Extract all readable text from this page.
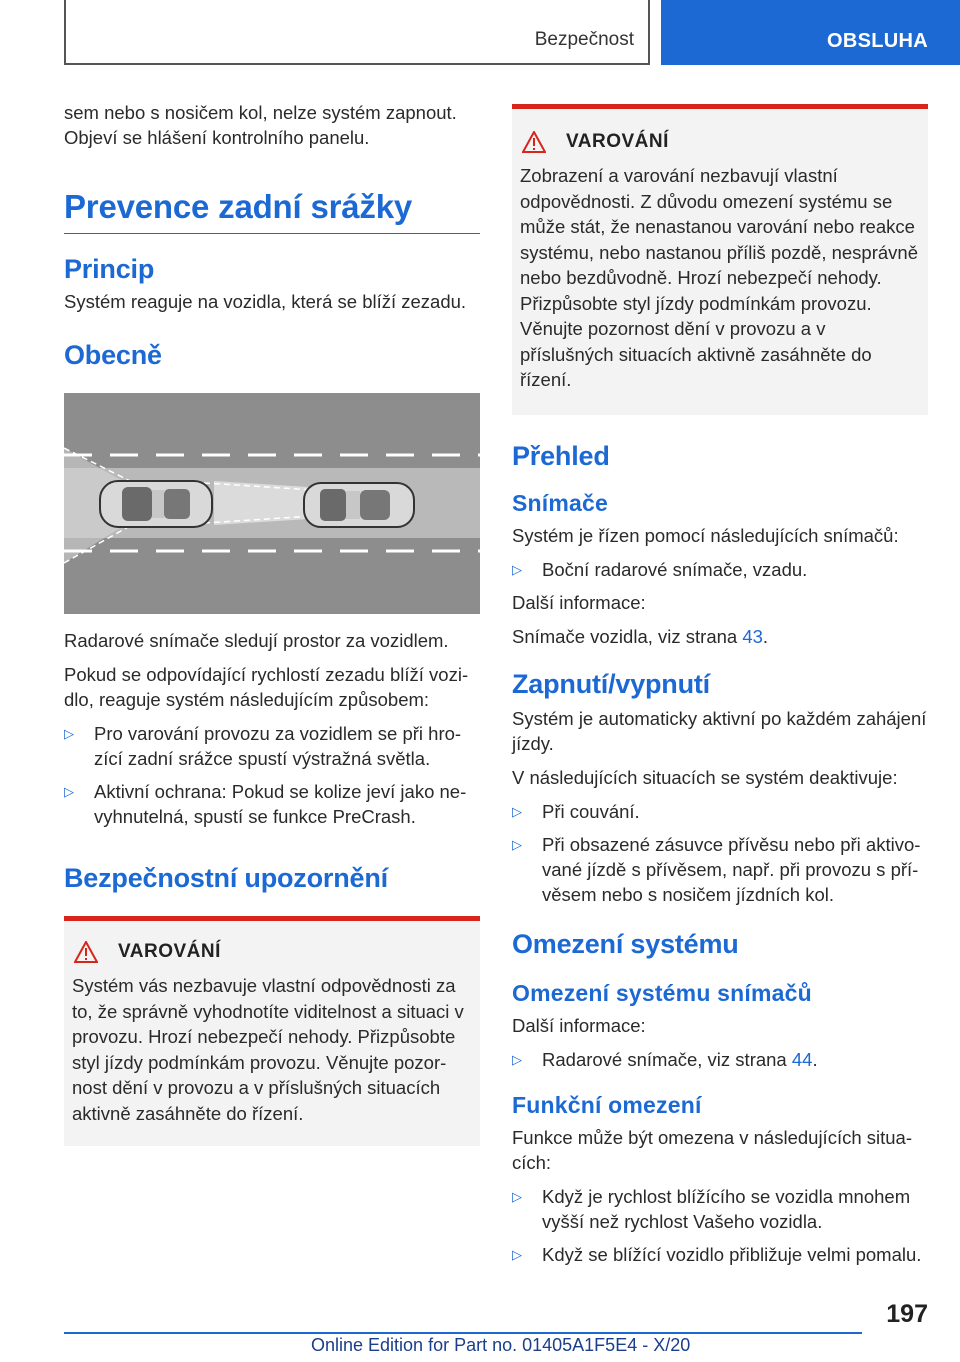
Bezpečnost	OBSLUHA

sem nebo s nosičem kol, nelze systém zapnout. Objeví se hlášení kontrolního panelu.

Prevence zadní srážky
Princip

Systém reaguje na vozidla, která se blíží zezadu.

Obecně

Radarové snímače sledují prostor za vozidlem.

Pokud se odpovídající rychlostí zezadu blíží vozidlo, reaguje systém následujícím způsobem:

▷ Pro varování provozu za vozidlem se při hrozící zadní srážce spustí výstražná světla.
▷ Aktivní ochrana: Pokud se kolize jeví jako nevyhnutelná, spustí se funkce PreCrash.
Bezpečnostní upozornění
VAROVÁNÍ

Systém vás nezbavuje vlastní odpovědnosti za to, že správně vyhodnotíte viditelnost a situaci v provozu. Hrozí nebezpečí nehody. Přizpůsobte styl jízdy podmínkám provozu. Věnujte pozornost dění v provozu a v příslušných situacích aktivně zasáhněte do řízení.

VAROVÁNÍ

Zobrazení a varování nezbavují vlastní odpovědnosti. Z důvodu omezení systému se může stát, že nenastanou varování nebo reakce systému, nebo nastanou příliš pozdě, nesprávně nebo bezdůvodně. Hrozí nebezpečí nehody. Přizpůsobte styl jízdy podmínkám provozu. Věnujte pozornost dění v provozu a v příslušných situacích aktivně zasáhněte do řízení.

Přehled
Snímače

Systém je řízen pomocí následujících snímačů:

▷ Boční radarové snímače, vzadu.

Další informace:

Snímače vozidla, viz strana 43.

Zapnutí/vypnutí

Systém je automaticky aktivní po každém zahájení jízdy.

V následujících situacích se systém deaktivuje:

▷ Při couvání.
▷ Při obsazené zásuvce přívěsu nebo při aktivované jízdě s přívěsem, např. při provozu s přívěsem nebo s nosičem jízdních kol.
Omezení systému
Omezení systému snímačů

Další informace:

▷ Radarové snímače, viz strana 44.
Funkční omezení

Funkce může být omezena v následujících situacích:

▷ Když je rychlost blížícího se vozidla mnohem vyšší než rychlost Vašeho vozidla.
▷ Když se blížící vozidlo přibližuje velmi pomalu.
197
Online Edition for Part no. 01405A1F5E4 - X/20
